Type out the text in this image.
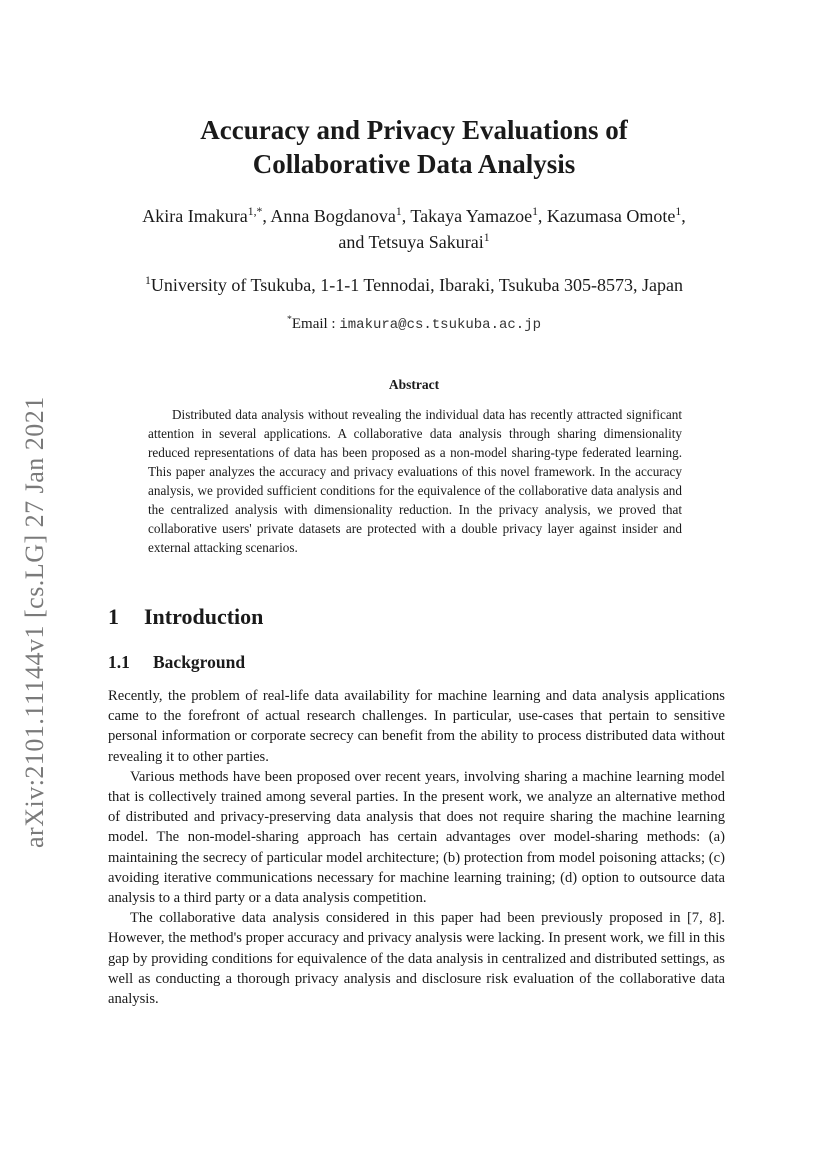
arXiv:2101.11144v1 [cs.LG] 27 Jan 2021
Accuracy and Privacy Evaluations of
Collaborative Data Analysis
Akira Imakura$^{1,*}$, Anna Bogdanova$^1$, Takaya Yamazoe$^1$, Kazumasa Omote$^1$,
and Tetsuya Sakurai$^1$
$^1$University of Tsukuba, 1-1-1 Tennodai, Ibaraki, Tsukuba 305-8573, Japan
*Email : imakura@cs.tsukuba.ac.jp
Abstract
Distributed data analysis without revealing the individual data has recently attracted significant attention in several applications. A collaborative data analysis through sharing dimensionality reduced representations of data has been proposed as a non-model sharing-type federated learning. This paper analyzes the accuracy and privacy evaluations of this novel framework. In the accuracy analysis, we provided sufficient conditions for the equivalence of the collaborative data analysis and the centralized analysis with dimensionality reduction. In the privacy analysis, we proved that collaborative users' private datasets are protected with a double privacy layer against insider and external attacking scenarios.
1 Introduction
1.1 Background

Recently, the problem of real-life data availability for machine learning and data analysis applications came to the forefront of actual research challenges. In particular, use-cases that pertain to sensitive personal information or corporate secrecy can benefit from the ability to process distributed data without revealing it to other parties.

Various methods have been proposed over recent years, involving sharing a machine learning model that is collectively trained among several parties. In the present work, we analyze an alternative method of distributed and privacy-preserving data analysis that does not require sharing the machine learning model. The non-model-sharing approach has certain advantages over model-sharing methods: (a) maintaining the secrecy of particular model architecture; (b) protection from model poisoning attacks; (c) avoiding iterative communications necessary for machine learning training; (d) option to outsource data analysis to a third party or a data analysis competition.

The collaborative data analysis considered in this paper had been previously proposed in [7, 8]. However, the method's proper accuracy and privacy analysis were lacking. In present work, we fill in this gap by providing conditions for equivalence of the data analysis in centralized and distributed settings, as well as conducting a thorough privacy analysis and disclosure risk evaluation of the collaborative data analysis.
